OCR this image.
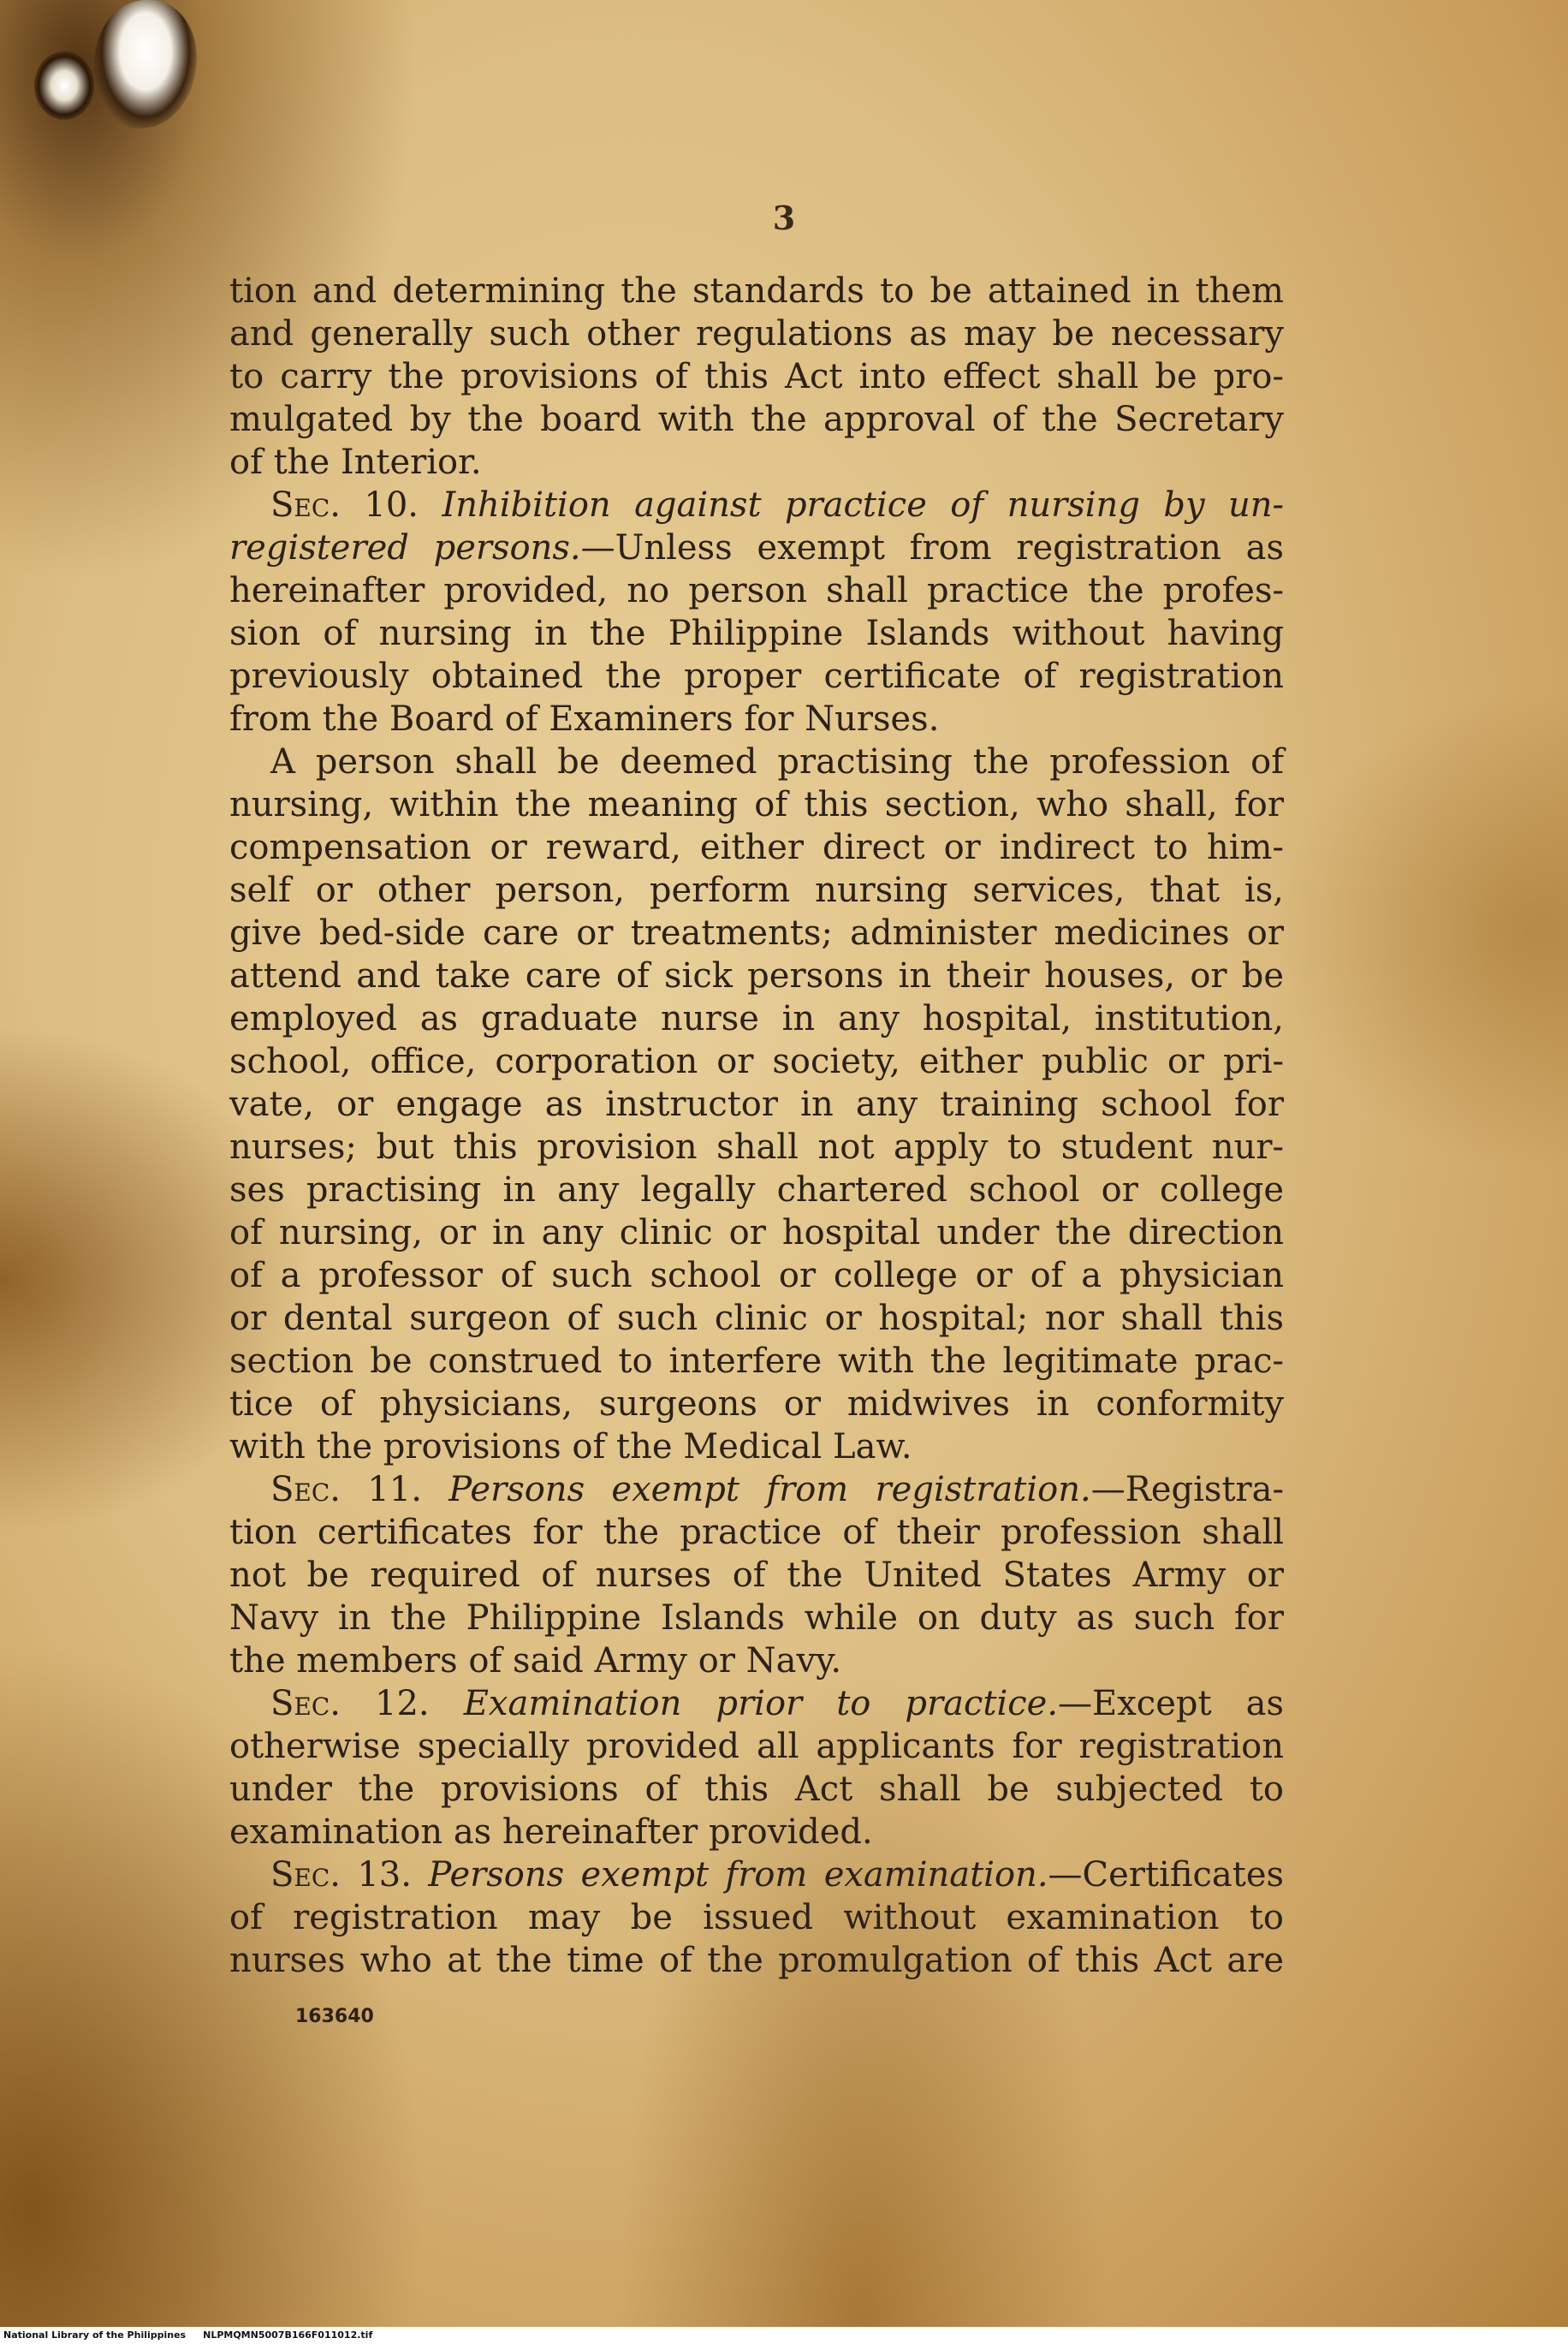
3
tion and determining the standards to be attained in them
and generally such other regulations as may be necessary
to carry the provisions of this Act into effect shall be pro-
mulgated by the board with the approval of the Secretary
of the Interior.
Sec. 10. Inhibition against practice of nursing by un-
registered persons.—Unless exempt from registration as
hereinafter provided, no person shall practice the profes-
sion of nursing in the Philippine Islands without having
previously obtained the proper certificate of registration
from the Board of Examiners for Nurses.
A person shall be deemed practising the profession of
nursing, within the meaning of this section, who shall, for
compensation or reward, either direct or indirect to him-
self or other person, perform nursing services, that is,
give bed-side care or treatments; administer medicines or
attend and take care of sick persons in their houses, or be
employed as graduate nurse in any hospital, institution,
school, office, corporation or society, either public or pri-
vate, or engage as instructor in any training school for
nurses; but this provision shall not apply to student nur-
ses practising in any legally chartered school or college
of nursing, or in any clinic or hospital under the direction
of a professor of such school or college or of a physician
or dental surgeon of such clinic or hospital; nor shall this
section be construed to interfere with the legitimate prac-
tice of physicians, surgeons or midwives in conformity
with the provisions of the Medical Law.
Sec. 11. Persons exempt from registration.—Registra-
tion certificates for the practice of their profession shall
not be required of nurses of the United States Army or
Navy in the Philippine Islands while on duty as such for
the members of said Army or Navy.
Sec. 12. Examination prior to practice.—Except as
otherwise specially provided all applicants for registration
under the provisions of this Act shall be subjected to
examination as hereinafter provided.
Sec. 13. Persons exempt from examination.—Certificates
of registration may be issued without examination to
nurses who at the time of the promulgation of this Act are
163640
National Library of the Philippines NLPMQMN5007B166F011012.tif
